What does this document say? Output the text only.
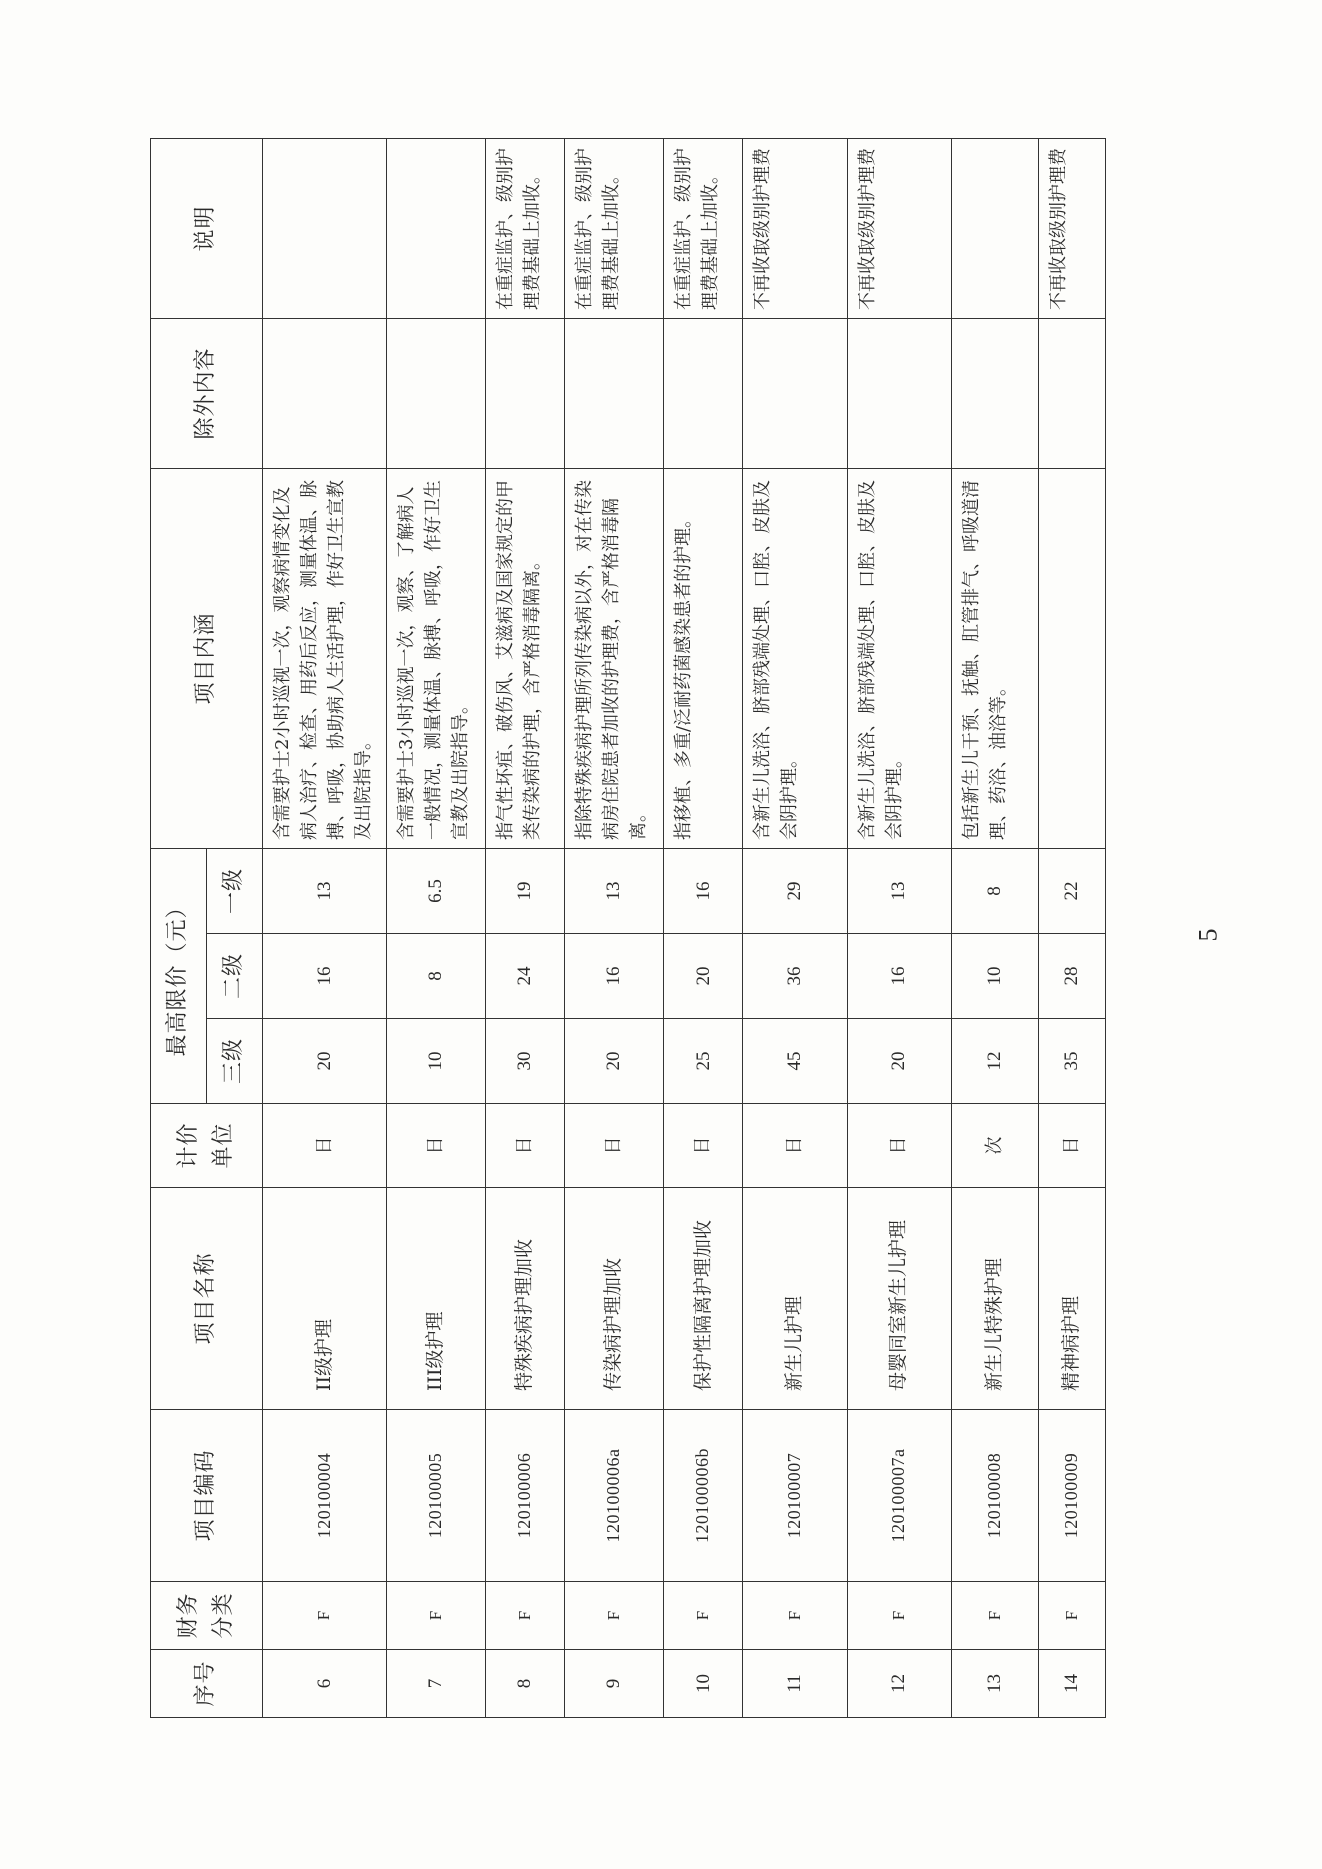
序号	财务分类	项目编码	项目名称	计价单位	最高限价（元）			项目内涵	除外内容	说明
					三级	二级	一级			
6	F	120100004	II级护理	日	20	16	13	含需要护士2小时巡视一次，观察病情变化及病人治疗、检查、用药后反应，测量体温、脉搏、呼吸，协助病人生活护理，作好卫生宣教及出院指导。		
7	F	120100005	III级护理	日	10	8	6.5	含需要护士3小时巡视一次，观察、了解病人一般情况，测量体温、脉搏、呼吸，作好卫生宣教及出院指导。		
8	F	120100006	特殊疾病护理加收	日	30	24	19	指气性坏疽、破伤风、艾滋病及国家规定的甲类传染病的护理，含严格消毒隔离。		在重症监护、级别护理费基础上加收。
9	F	120100006a	传染病护理加收	日	20	16	13	指除特殊疾病护理所列传染病以外，对在传染病房住院患者加收的护理费，含严格消毒隔离。		在重症监护、级别护理费基础上加收。
10	F	120100006b	保护性隔离护理加收	日	25	20	16	指移植、多重/泛耐药菌感染患者的护理。		在重症监护、级别护理费基础上加收。
11	F	120100007	新生儿护理	日	45	36	29	含新生儿洗浴、脐部残端处理、口腔、皮肤及会阴护理。		不再收取级别护理费
12	F	120100007a	母婴同室新生儿护理	日	20	16	13	含新生儿洗浴、脐部残端处理、口腔、皮肤及会阴护理。		不再收取级别护理费
13	F	120100008	新生儿特殊护理	次	12	10	8	包括新生儿干预、抚触、肛管排气、呼吸道清理、药浴、油浴等。		
14	F	120100009	精神病护理	日	35	28	22			不再收取级别护理费
5
